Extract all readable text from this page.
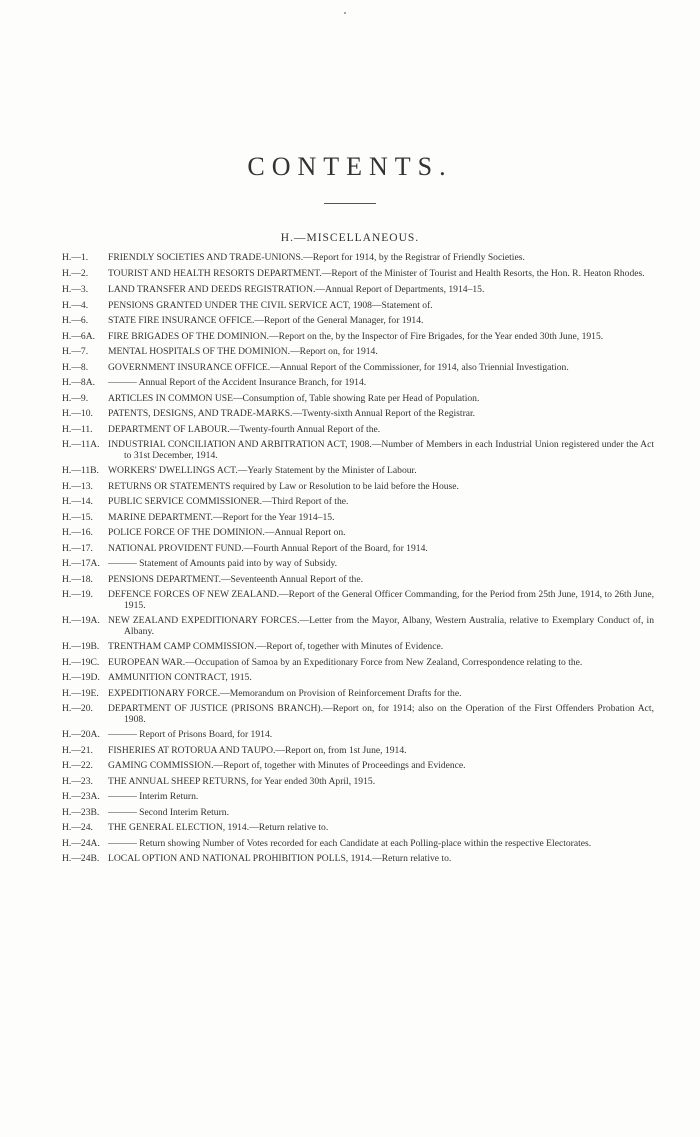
CONTENTS.
H.—MISCELLANEOUS.
H.—1.	FRIENDLY SOCIETIES AND TRADE-UNIONS.—Report for 1914, by the Registrar of Friendly Societies.
H.—2.	TOURIST AND HEALTH RESORTS DEPARTMENT.—Report of the Minister of Tourist and Health Resorts, the Hon. R. Heaton Rhodes.
H.—3.	LAND TRANSFER AND DEEDS REGISTRATION.—Annual Report of Departments, 1914–15.
H.—4.	PENSIONS GRANTED UNDER THE CIVIL SERVICE ACT, 1908—Statement of.
H.—6.	STATE FIRE INSURANCE OFFICE.—Report of the General Manager, for 1914.
H.—6A.	FIRE BRIGADES OF THE DOMINION.—Report on the, by the Inspector of Fire Brigades, for the Year ended 30th June, 1915.
H.—7.	MENTAL HOSPITALS OF THE DOMINION.—Report on, for 1914.
H.—8.	GOVERNMENT INSURANCE OFFICE.—Annual Report of the Commissioner, for 1914, also Triennial Investigation.
H.—8A.	——— Annual Report of the Accident Insurance Branch, for 1914.
H.—9.	ARTICLES IN COMMON USE—Consumption of, Table showing Rate per Head of Population.
H.—10.	PATENTS, DESIGNS, AND TRADE-MARKS.—Twenty-sixth Annual Report of the Registrar.
H.—11.	DEPARTMENT OF LABOUR.—Twenty-fourth Annual Report of the.
H.—11A. INDUSTRIAL CONCILIATION AND ARBITRATION ACT, 1908.—Number of Members in each Industrial Union registered under the Act to 31st December, 1914.
H.—11B. WORKERS' DWELLINGS ACT.—Yearly Statement by the Minister of Labour.
H.—13.	RETURNS OR STATEMENTS required by Law or Resolution to be laid before the House.
H.—14.	PUBLIC SERVICE COMMISSIONER.—Third Report of the.
H.—15.	MARINE DEPARTMENT.—Report for the Year 1914–15.
H.—16.	POLICE FORCE OF THE DOMINION.—Annual Report on.
H.—17.	NATIONAL PROVIDENT FUND.—Fourth Annual Report of the Board, for 1914.
H.—17A. ——— Statement of Amounts paid into by way of Subsidy.
H.—18.	PENSIONS DEPARTMENT.—Seventeenth Annual Report of the.
H.—19.	DEFENCE FORCES OF NEW ZEALAND.—Report of the General Officer Commanding, for the Period from 25th June, 1914, to 26th June, 1915.
H.—19A. NEW ZEALAND EXPEDITIONARY FORCES.—Letter from the Mayor, Albany, Western Australia, relative to Exemplary Conduct of, in Albany.
H.—19B. TRENTHAM CAMP COMMISSION.—Report of, together with Minutes of Evidence.
H.—19C. EUROPEAN WAR.—Occupation of Samoa by an Expeditionary Force from New Zealand, Correspondence relating to the.
H.—19D. AMMUNITION CONTRACT, 1915.
H.—19E. EXPEDITIONARY FORCE.—Memorandum on Provision of Reinforcement Drafts for the.
H.—20.	DEPARTMENT OF JUSTICE (PRISONS BRANCH).—Report on, for 1914; also on the Operation of the First Offenders Probation Act, 1908.
H.—20A. ——— Report of Prisons Board, for 1914.
H.—21.	FISHERIES AT ROTORUA AND TAUPO.—Report on, from 1st June, 1914.
H.—22.	GAMING COMMISSION.—Report of, together with Minutes of Proceedings and Evidence.
H.—23.	THE ANNUAL SHEEP RETURNS, for Year ended 30th April, 1915.
H.—23A. ——— Interim Return.
H.—23B. ——— Second Interim Return.
H.—24.	THE GENERAL ELECTION, 1914.—Return relative to.
H.—24A. ——— Return showing Number of Votes recorded for each Candidate at each Polling-place within the respective Electorates.
H.—24B. LOCAL OPTION AND NATIONAL PROHIBITION POLLS, 1914.—Return relative to.
